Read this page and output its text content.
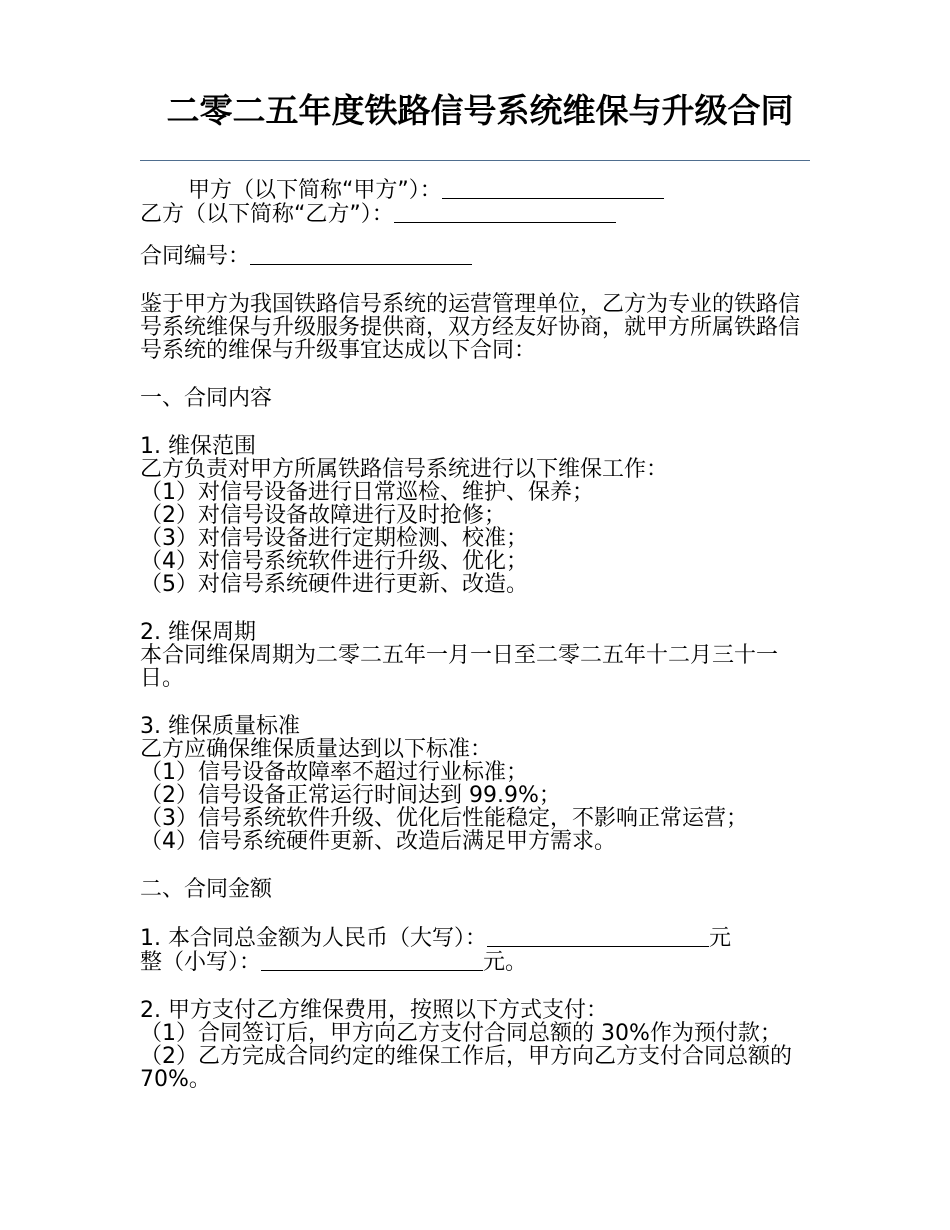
二零二五年度铁路信号系统维保与升级合同
甲方（以下简称“甲方”）：
乙方（以下简称“乙方”）：
合同编号：
鉴于甲方为我国铁路信号系统的运营管理单位，乙方为专业的铁路信号系统维保与升级服务提供商，双方经友好协商，就甲方所属铁路信号系统的维保与升级事宜达成以下合同：
一、合同内容
1. 维保范围
乙方负责对甲方所属铁路信号系统进行以下维保工作：
（1）对信号设备进行日常巡检、维护、保养；
（2）对信号设备故障进行及时抢修；
（3）对信号设备进行定期检测、校准；
（4）对信号系统软件进行升级、优化；
（5）对信号系统硬件进行更新、改造。
2. 维保周期
本合同维保周期为二零二五年一月一日至二零二五年十二月三十一日。
3. 维保质量标准
乙方应确保维保质量达到以下标准：
（1）信号设备故障率不超过行业标准；
（2）信号设备正常运行时间达到 99.9%；
（3）信号系统软件升级、优化后性能稳定，不影响正常运营；
（4）信号系统硬件更新、改造后满足甲方需求。
二、合同金额
1. 本合同总金额为人民币（大写）：	元
整（小写）：	元。
2. 甲方支付乙方维保费用，按照以下方式支付：
（1）合同签订后，甲方向乙方支付合同总额的 30%作为预付款；
（2）乙方完成合同约定的维保工作后，甲方向乙方支付合同总额的 70%。
